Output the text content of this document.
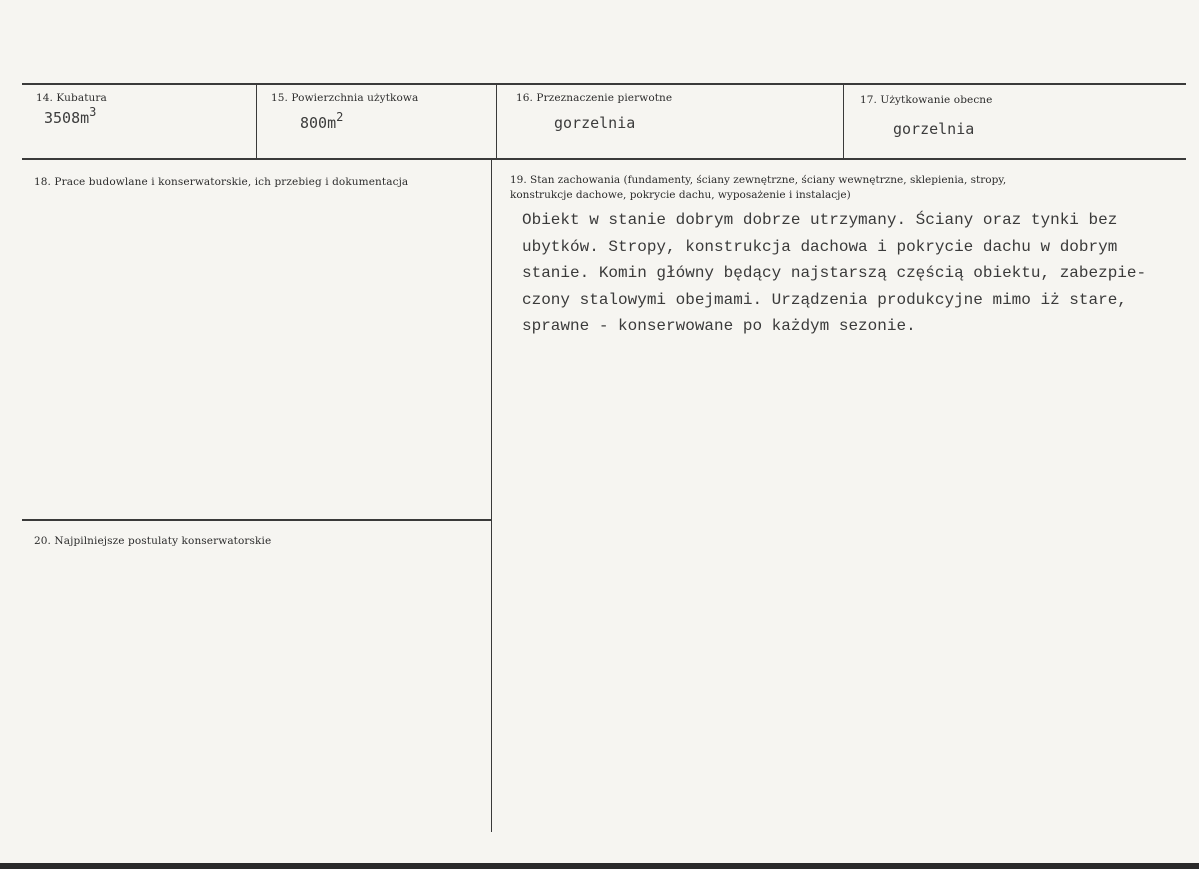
14. Kubatura
$3508m^3$
15. Powierzchnia użytkowa
$800m^2$
16. Przeznaczenie pierwotne
gorzelnia
17. Użytkowanie obecne
gorzelnia
18. Prace budowlane i konserwatorskie, ich przebieg i dokumentacja	19. Stan zachowania (fundamenty, ściany zewnętrzne, ściany wewnętrzne, sklepienia, stropy, konstrukcje dachowe, pokrycie dachu, wyposażenie i instalacje)
Obiekt w stanie dobrym dobrze utrzymany. Ściany oraz tynki bez
ubytków. Stropy, konstrukcja dachowa i pokrycie dachu w dobrym
stanie. Komin główny będący najstarszą częścią obiektu, zabezpie-
czony stalowymi obejmami. Urządzenia produkcyjne mimo iż stare,
sprawne - konserwowane po każdym sezonie.
20. Najpilniejsze postulaty konserwatorskie
